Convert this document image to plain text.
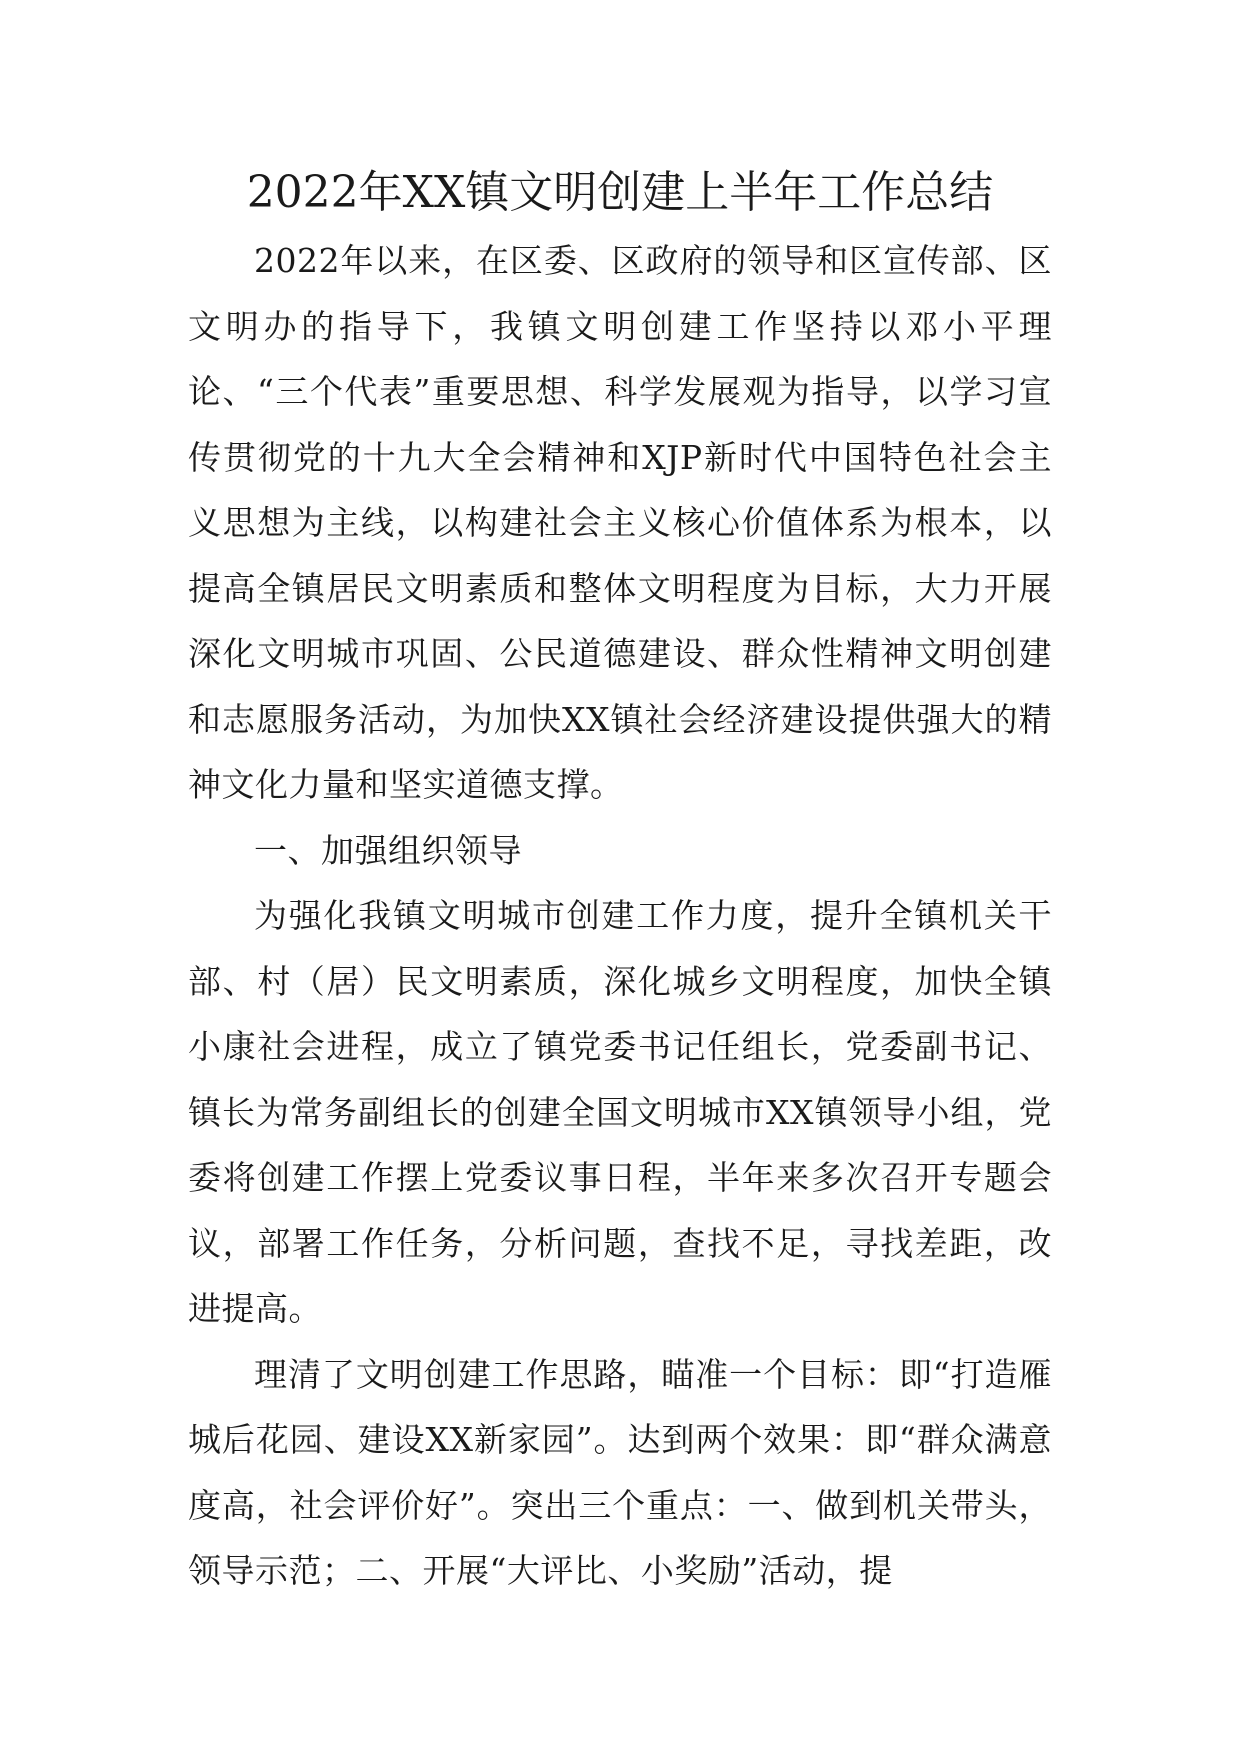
2022年XX镇文明创建上半年工作总结

2022年以来，在区委、区政府的领导和区宣传部、区文明办的指导下，我镇文明创建工作坚持以邓小平理论、“三个代表”重要思想、科学发展观为指导，以学习宣传贯彻党的十九大全会精神和XJP新时代中国特色社会主义思想为主线，以构建社会主义核心价值体系为根本，以提高全镇居民文明素质和整体文明程度为目标，大力开展深化文明城市巩固、公民道德建设、群众性精神文明创建和志愿服务活动，为加快XX镇社会经济建设提供强大的精神文化力量和坚实道德支撑。

一、加强组织领导

为强化我镇文明城市创建工作力度，提升全镇机关干部、村（居）民文明素质，深化城乡文明程度，加快全镇小康社会进程，成立了镇党委书记任组长，党委副书记、镇长为常务副组长的创建全国文明城市XX镇领导小组，党委将创建工作摆上党委议事日程，半年来多次召开专题会议，部署工作任务，分析问题，查找不足，寻找差距，改进提高。

理清了文明创建工作思路，瞄准一个目标：即“打造雁城后花园、建设XX新家园”。达到两个效果：即“群众满意度高，社会评价好”。突出三个重点：一、做到机关带头，领导示范；二、开展“大评比、小奖励”活动，提
